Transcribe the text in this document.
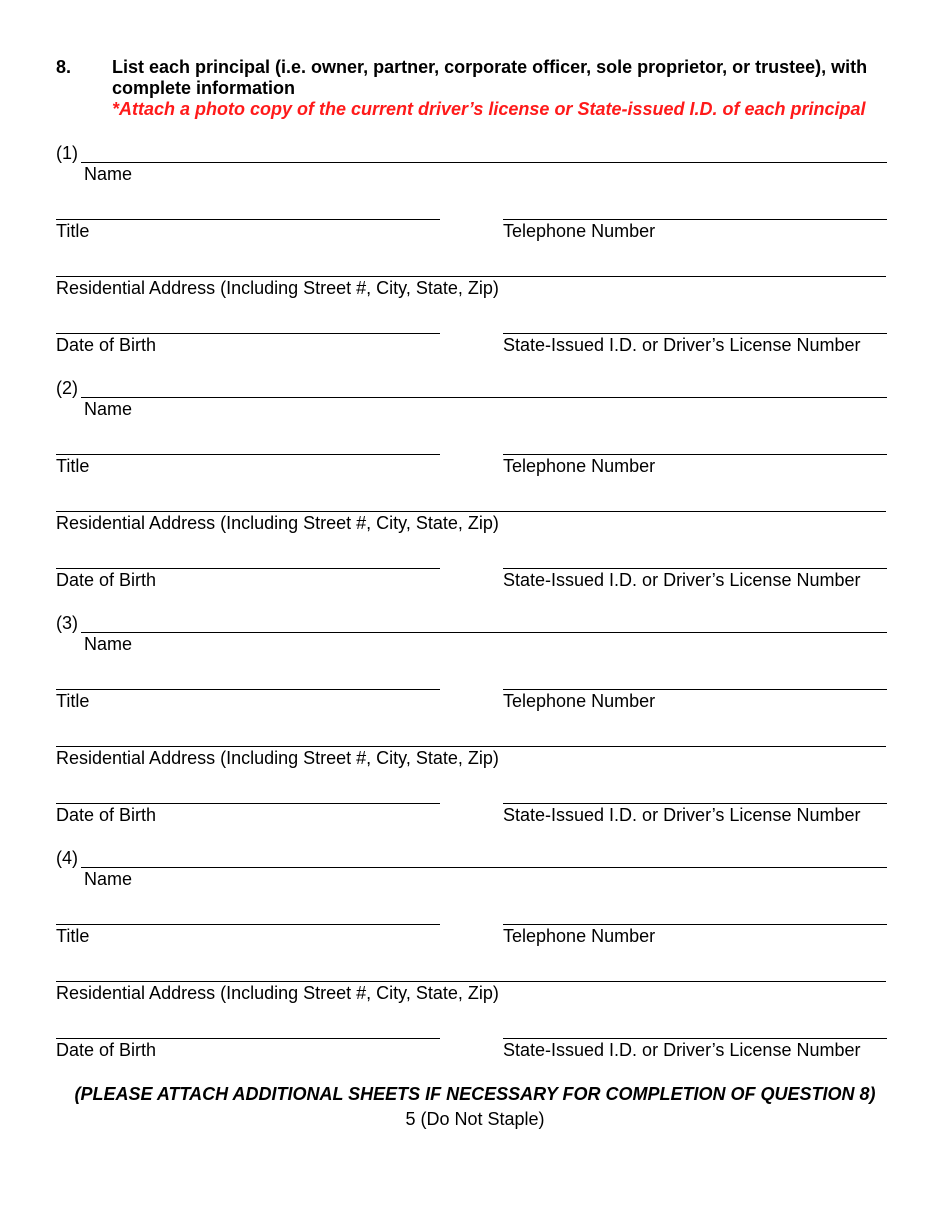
8. List each principal (i.e. owner, partner, corporate officer, sole proprietor, or trustee), with complete information
*Attach a photo copy of the current driver’s license or State-issued I.D. of each principal
(1)
Name
Title	Telephone Number
Residential Address (Including Street #, City, State, Zip)
Date of Birth	State-Issued I.D. or Driver’s License Number
(2)
Name
Title	Telephone Number
Residential Address (Including Street #, City, State, Zip)
Date of Birth	State-Issued I.D. or Driver’s License Number
(3)
Name
Title	Telephone Number
Residential Address (Including Street #, City, State, Zip)
Date of Birth	State-Issued I.D. or Driver’s License Number
(4)
Name
Title	Telephone Number
Residential Address (Including Street #, City, State, Zip)
Date of Birth	State-Issued I.D. or Driver’s License Number
(PLEASE ATTACH ADDITIONAL SHEETS IF NECESSARY FOR COMPLETION OF QUESTION 8)
5 (Do Not Staple)
